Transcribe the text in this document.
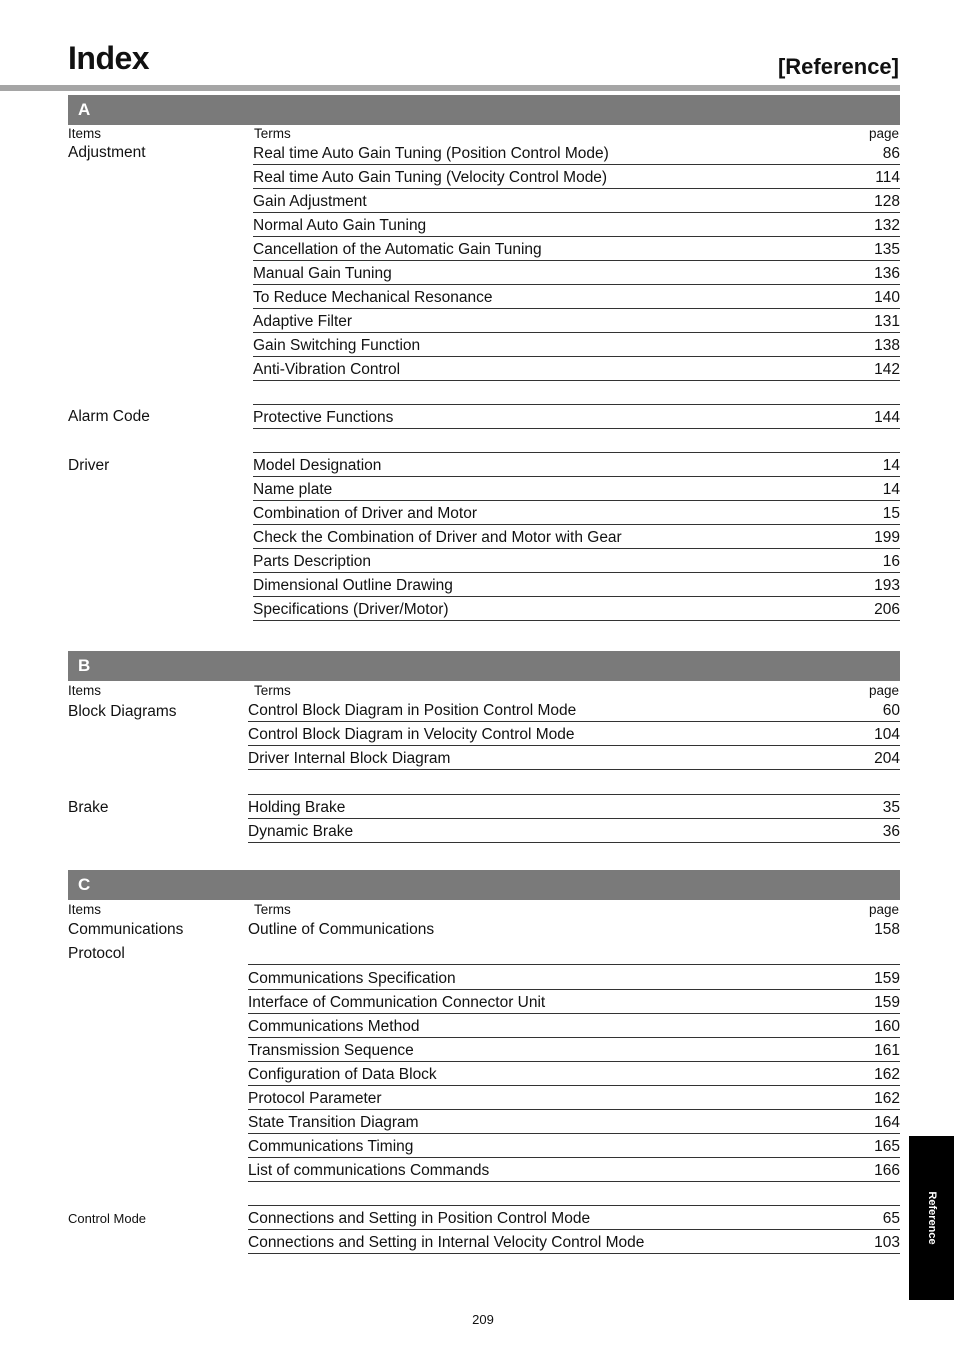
Index	[Reference]
A
Items	Terms	page
Adjustment	Real time Auto Gain Tuning (Position Control Mode)	86
Real time Auto Gain Tuning (Velocity Control Mode)	114
Gain Adjustment	128
Normal Auto Gain Tuning	132
Cancellation of the Automatic Gain Tuning	135
Manual Gain Tuning	136
To Reduce Mechanical Resonance	140
Adaptive Filter	131
Gain Switching Function	138
Anti-Vibration Control	142
Alarm Code	Protective Functions	144
Driver	Model Designation	14
Name plate	14
Combination of Driver and Motor	15
Check the Combination of Driver and Motor with Gear	199
Parts Description	16
Dimensional Outline Drawing	193
Specifications (Driver/Motor)	206
B
Items	Terms	page
Block Diagrams	Control Block Diagram in Position Control Mode	60
Control Block Diagram in Velocity Control Mode	104
Driver Internal Block Diagram	204
Brake	Holding Brake	35
Dynamic Brake	36
C
Items	Terms	page
Communications
Protocol
Outline of Communications	158
Communications Specification	159
Interface of Communication Connector Unit	159
Communications Method	160
Transmission Sequence	161
Configuration of Data Block	162
Protocol Parameter	162
State Transition Diagram	164
Communications Timing	165
List of communications Commands	166
Control Mode	Connections and Setting in Position Control Mode	65
Connections and Setting in Internal Velocity Control Mode	103 Reference
209
